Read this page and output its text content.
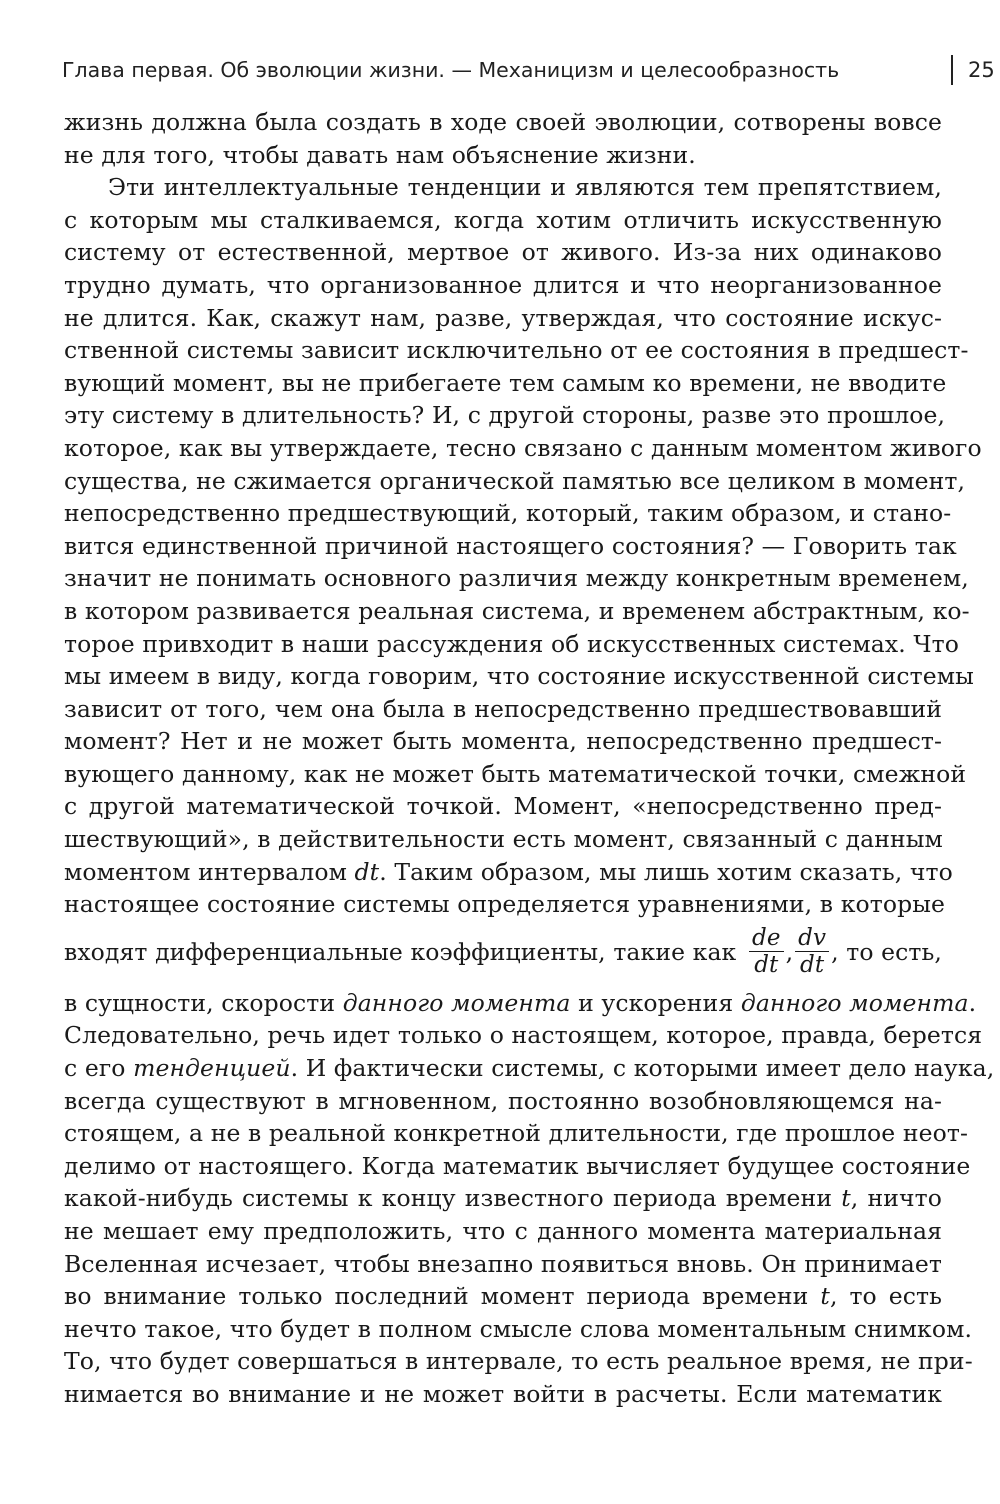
Глава первая. Об эволюции жизни. — Механицизм и целесообразность	25
жизнь должна была создать в ходе своей эволюции, сотворены вовсе
не для того, чтобы давать нам объяснение жизни.
Эти интеллектуальные тенденции и являются тем препятствием,
с которым мы сталкиваемся, когда хотим отличить искусственную
систему от естественной, мертвое от живого. Из-за них одинаково
трудно думать, что организованное длится и что неорганизованное
не длится. Как, скажут нам, разве, утверждая, что состояние искус-
ственной системы зависит исключительно от ее состояния в предшест-
вующий момент, вы не прибегаете тем самым ко времени, не вводите
эту систему в длительность? И, с другой стороны, разве это прошлое,
которое, как вы утверждаете, тесно связано с данным моментом живого
существа, не сжимается органической памятью все целиком в момент,
непосредственно предшествующий, который, таким образом, и стано-
вится единственной причиной настоящего состояния? — Говорить так
значит не понимать основного различия между конкретным временем,
в котором развивается реальная система, и временем абстрактным, ко-
торое привходит в наши рассуждения об искусственных системах. Что
мы имеем в виду, когда говорим, что состояние искусственной системы
зависит от того, чем она была в непосредственно предшествовавший
момент? Нет и не может быть момента, непосредственно предшест-
вующего данному, как не может быть математической точки, смежной
с другой математической точкой. Момент, «непосредственно пред-
шествующий», в действительности есть момент, связанный с данным
моментом интервалом dt. Таким образом, мы лишь хотим сказать, что
настоящее состояние системы определяется уравнениями, в которые
входят дифференциальные коэффициенты, такие как $\frac{de}{dt}$ , $\frac{dv}{dt}$ , то есть,
в сущности, скорости данного момента и ускорения данного момента.
Следовательно, речь идет только о настоящем, которое, правда, берется
с его тенденцией. И фактически системы, с которыми имеет дело наука,
всегда существуют в мгновенном, постоянно возобновляющемся на-
стоящем, а не в реальной конкретной длительности, где прошлое неот-
делимо от настоящего. Когда математик вычисляет будущее состояние
какой-нибудь системы к концу известного периода времени t, ничто
не мешает ему предположить, что с данного момента материальная
Вселенная исчезает, чтобы внезапно появиться вновь. Он принимает
во внимание только последний момент периода времени t, то есть
нечто такое, что будет в полном смысле слова моментальным снимком.
То, что будет совершаться в интервале, то есть реальное время, не при-
нимается во внимание и не может войти в расчеты. Если математик
